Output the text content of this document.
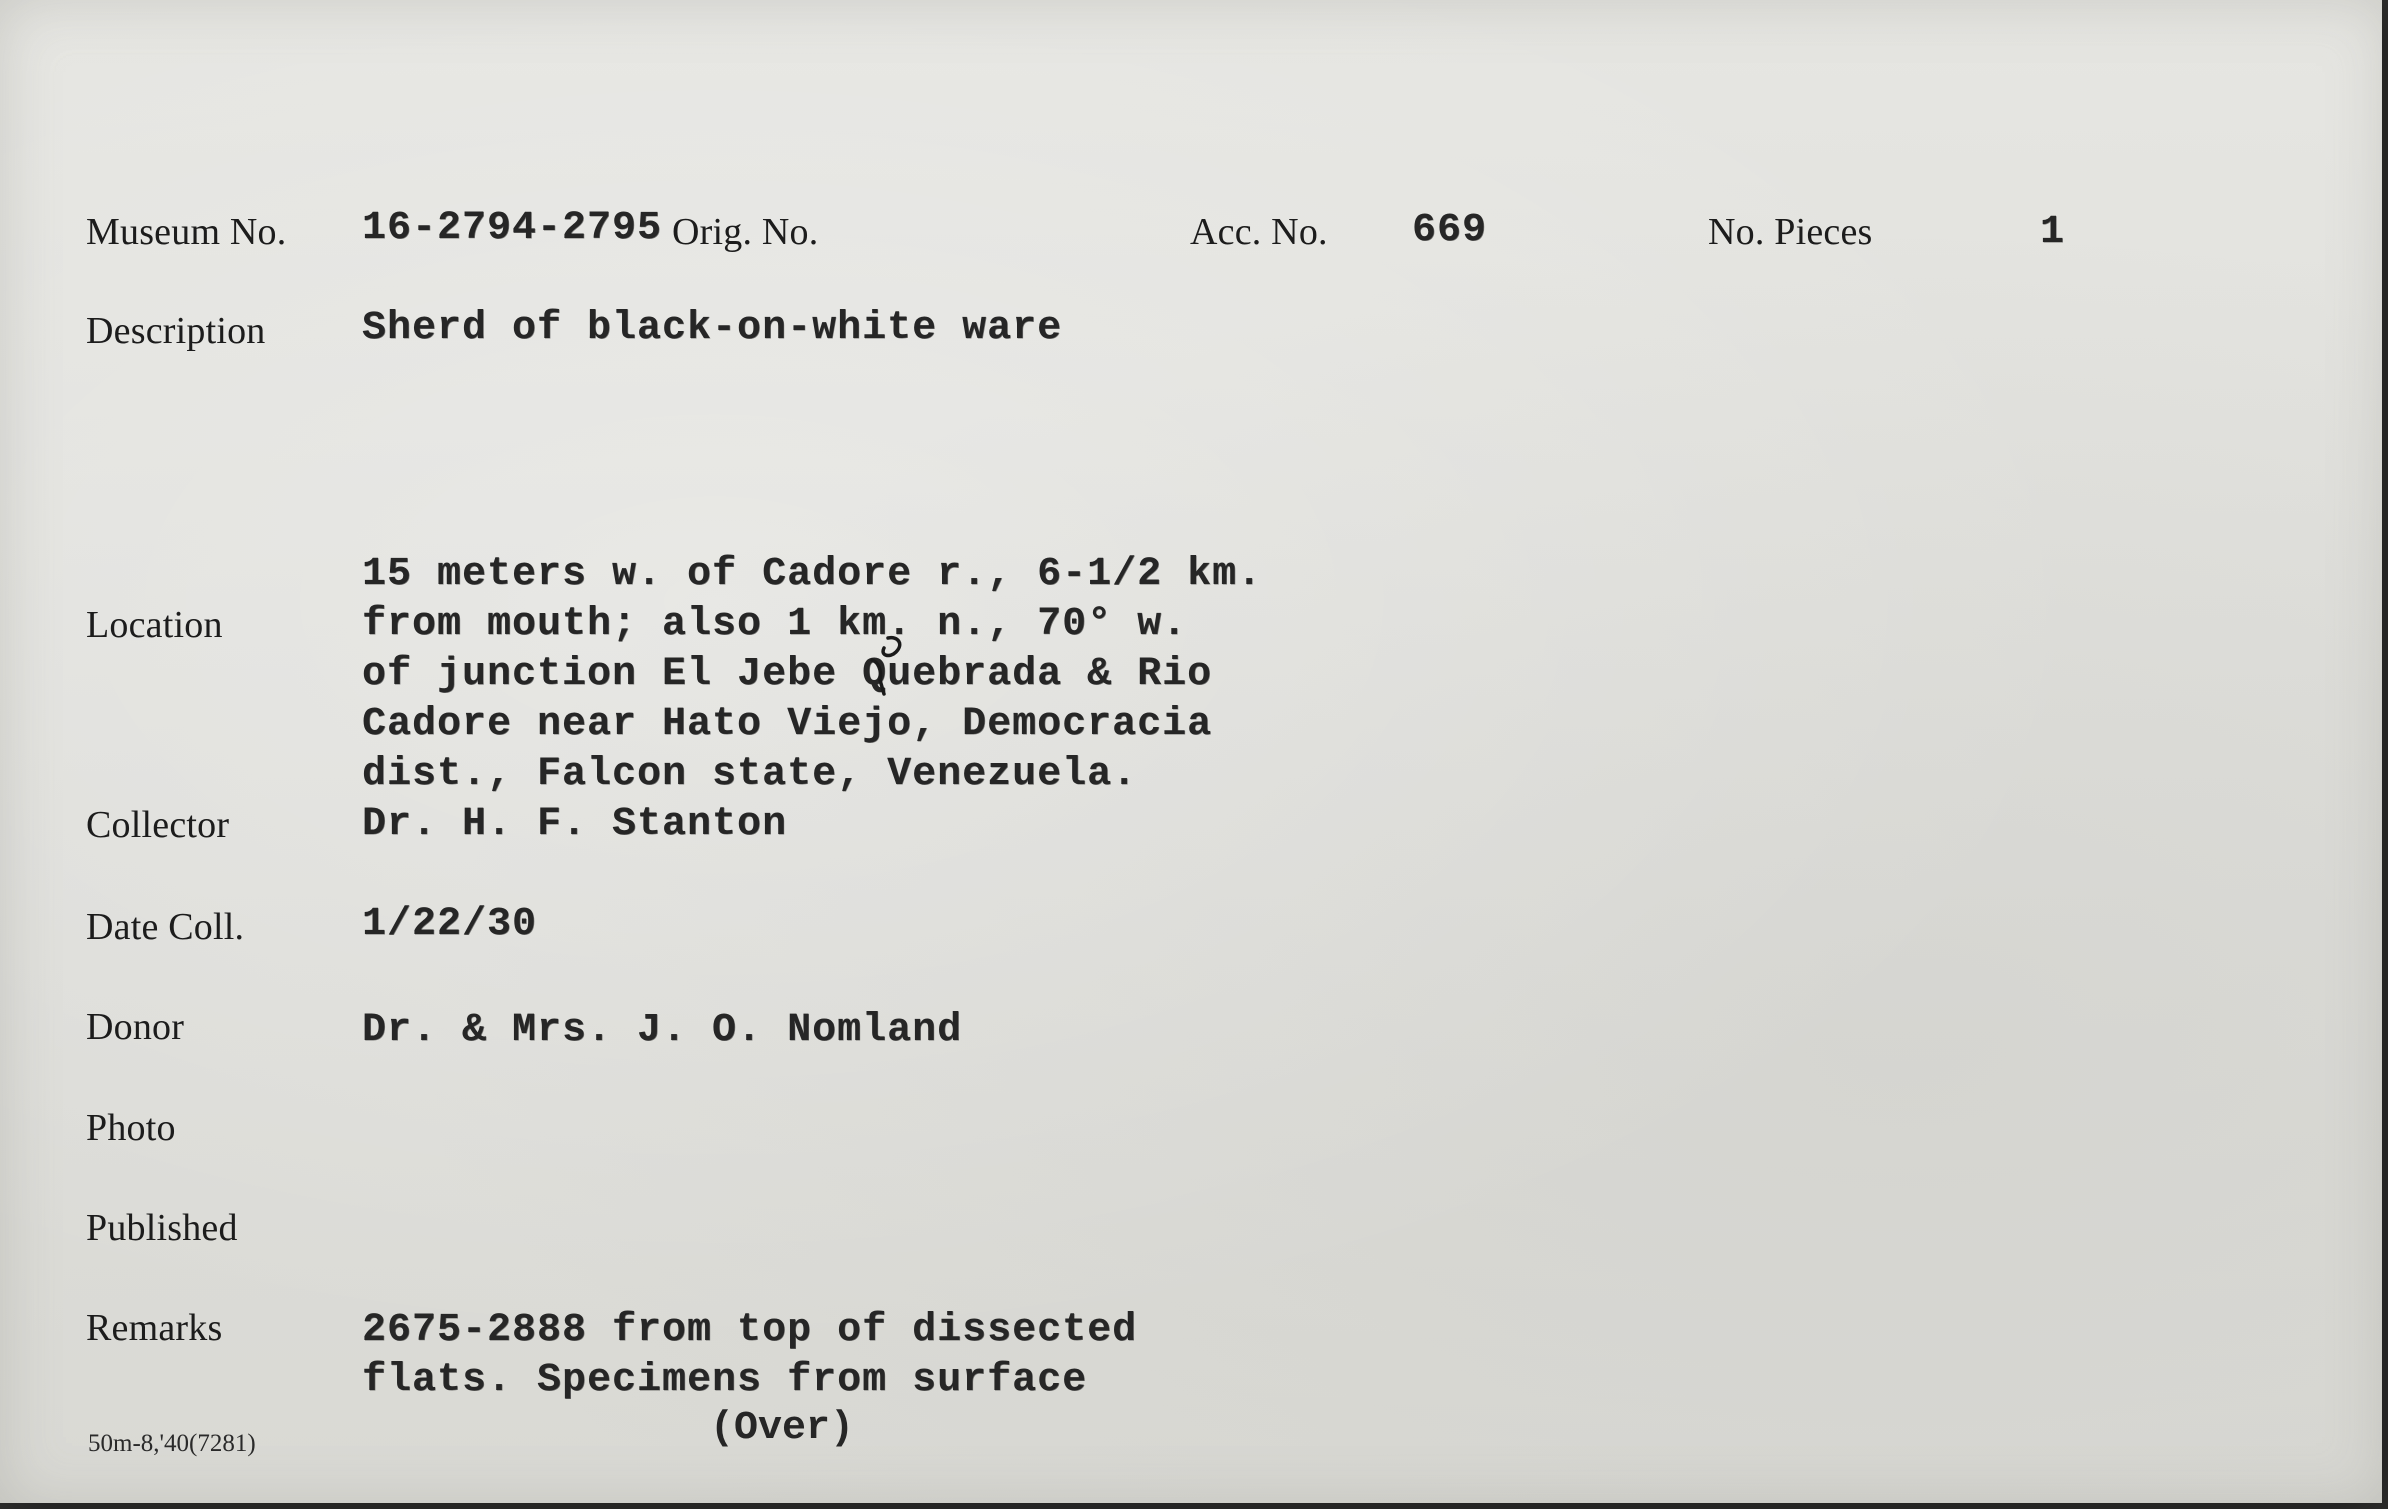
Museum No. 16-2794-2795 Orig. No.	Acc. No. 669	No. Pieces	1
Description Sherd of black-on-white ware
Location
15 meters w. of Cadore r., 6-1/2 km.
from mouth; also 1 km. n., 70° w.
of junction El Jebe Quebrada & Rio
Cadore near Hato Viejo, Democracia
dist., Falcon state, Venezuela.
Collector	Dr. H. F. Stanton
Date Coll.	1/22/30
Donor	Dr. & Mrs. J. O. Nomland
Photo
Published
Remarks	2675-2888 from top of dissected
flats. Specimens from surface
(Over)
50m-8,'40(7281)
